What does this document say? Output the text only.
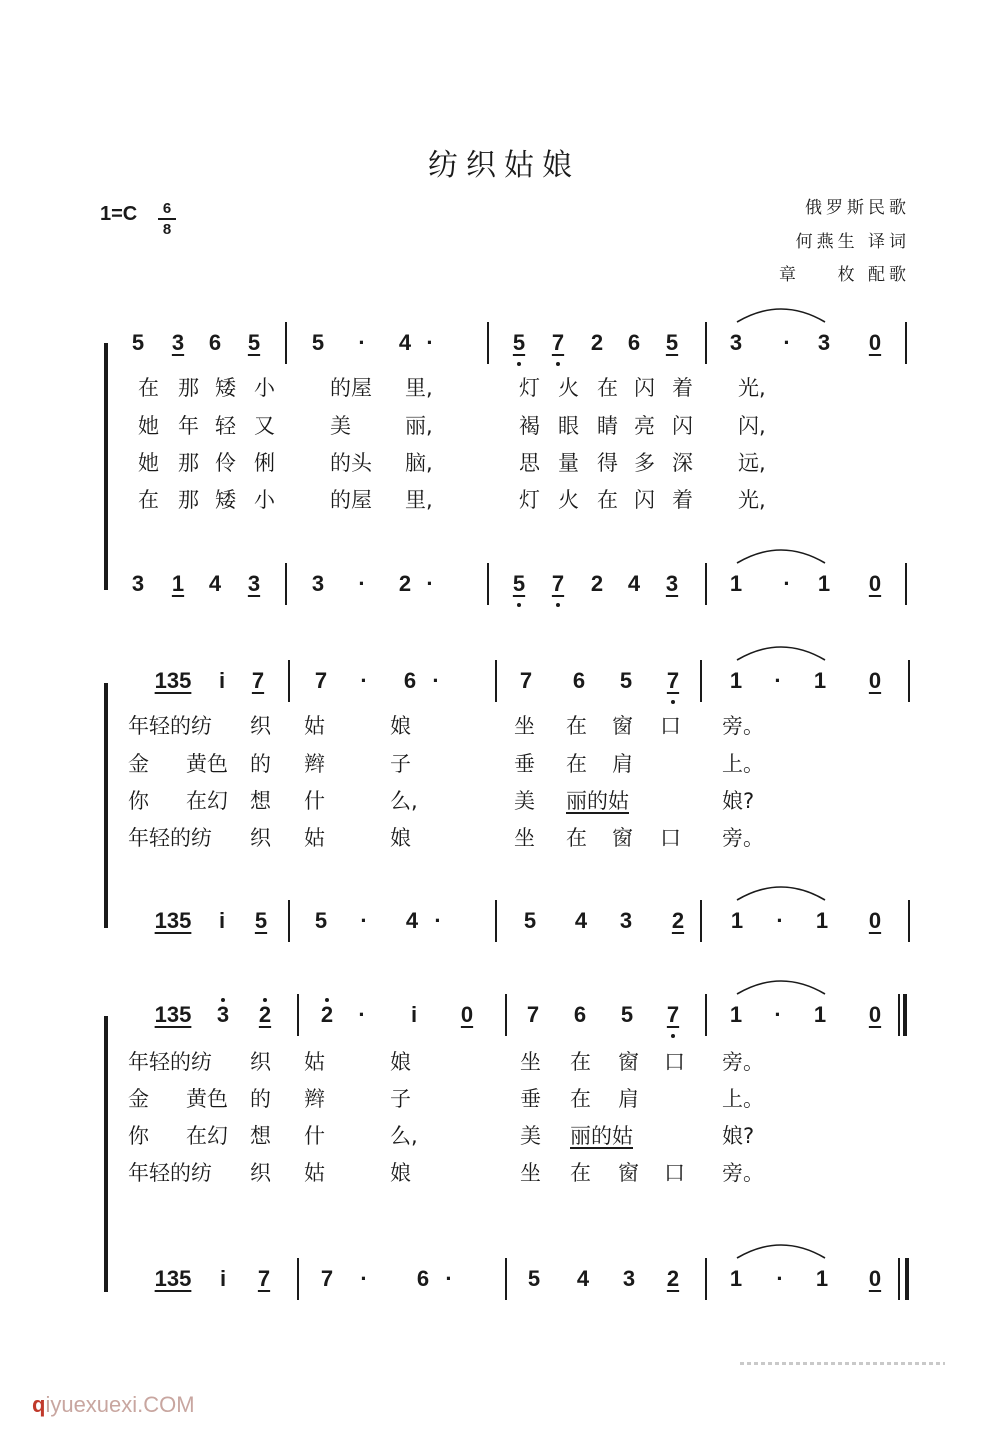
纺织姑娘
俄罗斯民歌
何燕生 译词
章    枚 配歌
1=C	6
8
5 3 6 5 5 · 4 ·	5 7 2 6 5 3 · 3 0
3 1 4 3 3 · 2 ·	5 7 2 4 3 1 · 1 0
在 那 矮 小	的屋 里,	灯 火 在 闪 着 光,
她 年 轻 又	美	丽,	褐 眼 睛 亮 闪 闪,
她 那 伶 俐	的头 脑,	思 量 得 多 深 远,
在 那 矮 小	的屋 里,	灯 火 在 闪 着 光,
135 i 7 7 · 6 ·	7 6 5 7 1 · 1 0
135 i 5 5 · 4 ·	5 4 3 2 1 · 1 0
年轻的纺 织 姑	娘	坐 在 窗 口 旁。
金 黄色 的 辫	子	垂 在 肩	上。
你 在幻 想 什	么,	美 丽的姑	娘?
年轻的纺 织 姑	娘	坐 在 窗 口 旁。
135 3 2 2 · i 0 7 6 5 7 1 · 1 0
135 i 7 7 · 6 ·	5 4 3 2 1 · 1 0
年轻的纺 织 姑	娘	坐 在 窗 口 旁。
金 黄色 的 辫	子	垂 在 肩	上。
你 在幻 想 什	么,	美 丽的姑	娘?
年轻的纺 织 姑	娘	坐 在 窗 口 旁。
qiyuexuexi.COM
